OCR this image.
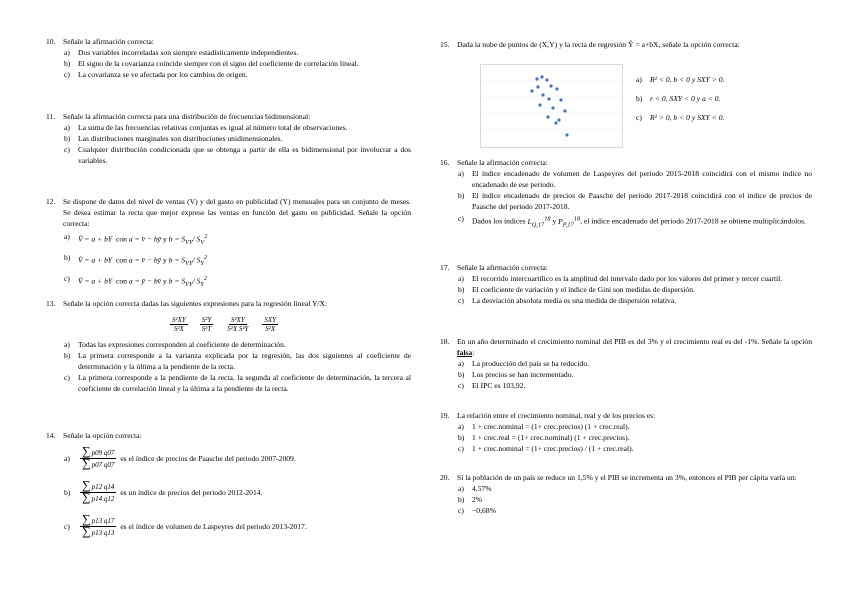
10. Señale la afirmación correcta:
a)	Dos variables incorreladas son siempre estadísticamente independientes.
b)	El signo de la covarianza coincide siempre con el signo del coeficiente de correlación lineal.
c)	La covarianza se ve afectada por los cambios de origen.
11.	Señale la afirmación correcta para una distribución de frecuencias bidimensional:
a)	La suma de las frecuencias relativas conjuntas es igual al número total de observaciones.
b)	Las distribuciones marginales son distribuciones unidimensionales.
c)	Cualquier distribución condicionada que se obtenga a partir de ella es bidimensional por involucrar a dos variables.
12. Se dispone de datos del nivel de ventas (V) y del gasto en publicidad (Y) mensuales para un conjunto de meses. Se desea estimar la recta que mejor exprese las ventas en función del gasto en publicidad. Señale la opción correcta:
a)	V̂ = a + bY con a = v̄ − bȳ y $b = S_{VY}/$ $S_V^2$
b)	V̂ = a + bY con a = v̄ − bȳ y $b = S_{VY}/$ $S_Y^2$
c)	V̂ = a + bY con a = ȳ − bv̄ y $b = S_{VY}/$ $S_Y^2$
13. Señale la opción correcta dadas las siguientes expresiones para la regresión lineal Y/X:
$\frac{\text{S²XY}}{\text{S²X}} \frac{\text{S²Y}}{\text{S²T}} \frac{\text{S²XY}}{\text{S²X S²Y}} \frac{\text{SXY}}{\text{S²X}}$
a)	Todas las expresiones corresponden al coeficiente de determinación.
b)	La primera corresponde a la varianza explicada por la regresión, las dos siguientes al coeficiente de determinación y la última a la pendiente de la recta.
c)	La primera corresponde a la pendiente de la recta, la segunda al coeficiente de determinación, la tercera al coeficiente de correlación lineal y la última a la pendiente de la recta.
14. Señale la opción correcta:
$a) \frac{\sum p09 q07}{\sum p07 q07}$ es el índice de precios de Paasche del periodo 2007-2009.
$b) \frac{\sum p12 q14}{\sum p14 q12}$ es un índice de precios del periodo 2012-2014.
$c) \frac{\sum p13 q17}{\sum p13 q13}$ es el índice de volumen de Laspeyres del periodo 2013-2017.
15. Dada la nube de puntos de (X,Y) y la recta de regresión Ŷ = a+bX, señale la opción correcta:
a)	R² < 0, b < 0 y SXY > 0.
b)	r < 0, SXY < 0 y a < 0.
c)	R² > 0, b < 0 y SXY < 0.
16. Señale la afirmación correcta:
a)	El índice encadenado de volumen de Laspeyres del periodo 2015-2018 coincidirá con el mismo índice no encadenado de ese periodo.
b)	El índice encadenado de precios de Paasche del periodo 2017-2018 coincidirá con el índice de precios de Paasche del periodo 2017-2018.
c)	Dados los índices $L_{Q,17}^{18}$ y $P_{P,17}^{18}$, el índice encadenado del periodo 2017-2018 se obtiene multiplicándolos.
17. Señale la afirmación correcta:
a)	El recorrido intercuartílico es la amplitud del intervalo dado por los valores del primer y tercer cuartil.
b)	El coeficiente de variación y el índice de Gini son medidas de dispersión.
c)	La desviación absoluta media es una medida de dispersión relativa.
18. En un año determinado el crecimiento nominal del PIB es del 3% y el crecimiento real es del -1%. Señale la opción falsa:
a)	La producción del país se ha reducido.
b)	Los precios se han incrementado.
c)	El IPC es 103,92.
19. La relación entre el crecimiento nominal, real y de los precios es:
a)	1 + crec.nominal = (1+ crec.precios) (1 + crec.real).
b)	1 + crec.real = (1+ crec.nominal) (1 + crec.precios).
c)	1 + crec.nominal = (1+ crec.precios) / (1 + crec.real).
20. Si la población de un país se reduce un 1,5% y el PIB se incrementa un 3%, entonces el PIB per cápita varía un:
a)	4,57%
b)	2%
c)	−0,68%
